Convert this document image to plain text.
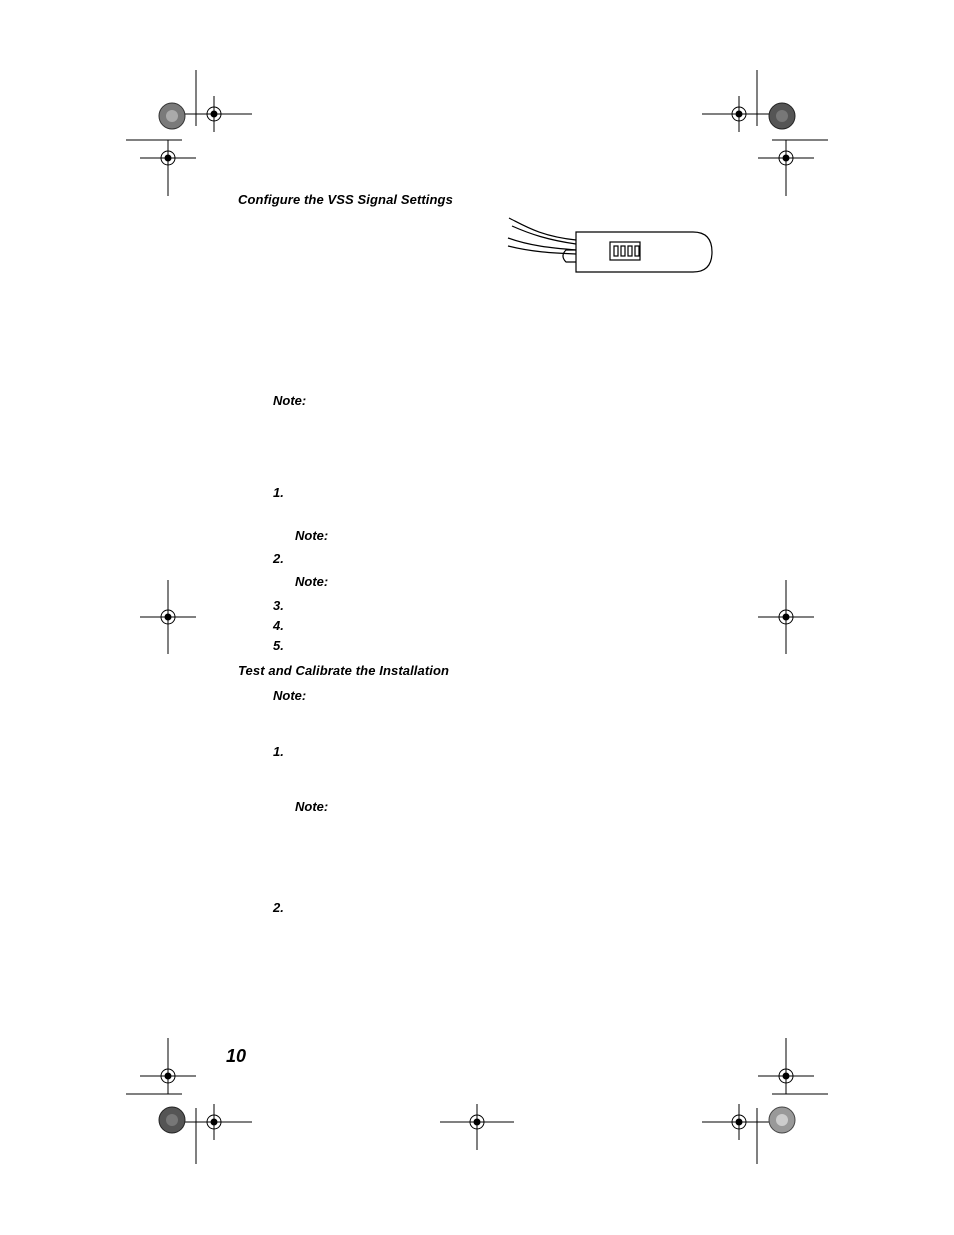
Configure the VSS Signal Settings
Test and Calibrate the Installation
Note:
1.
Note:
2.
Note:
3.
4.
5.
Note:
1.
Note:
2.
10
